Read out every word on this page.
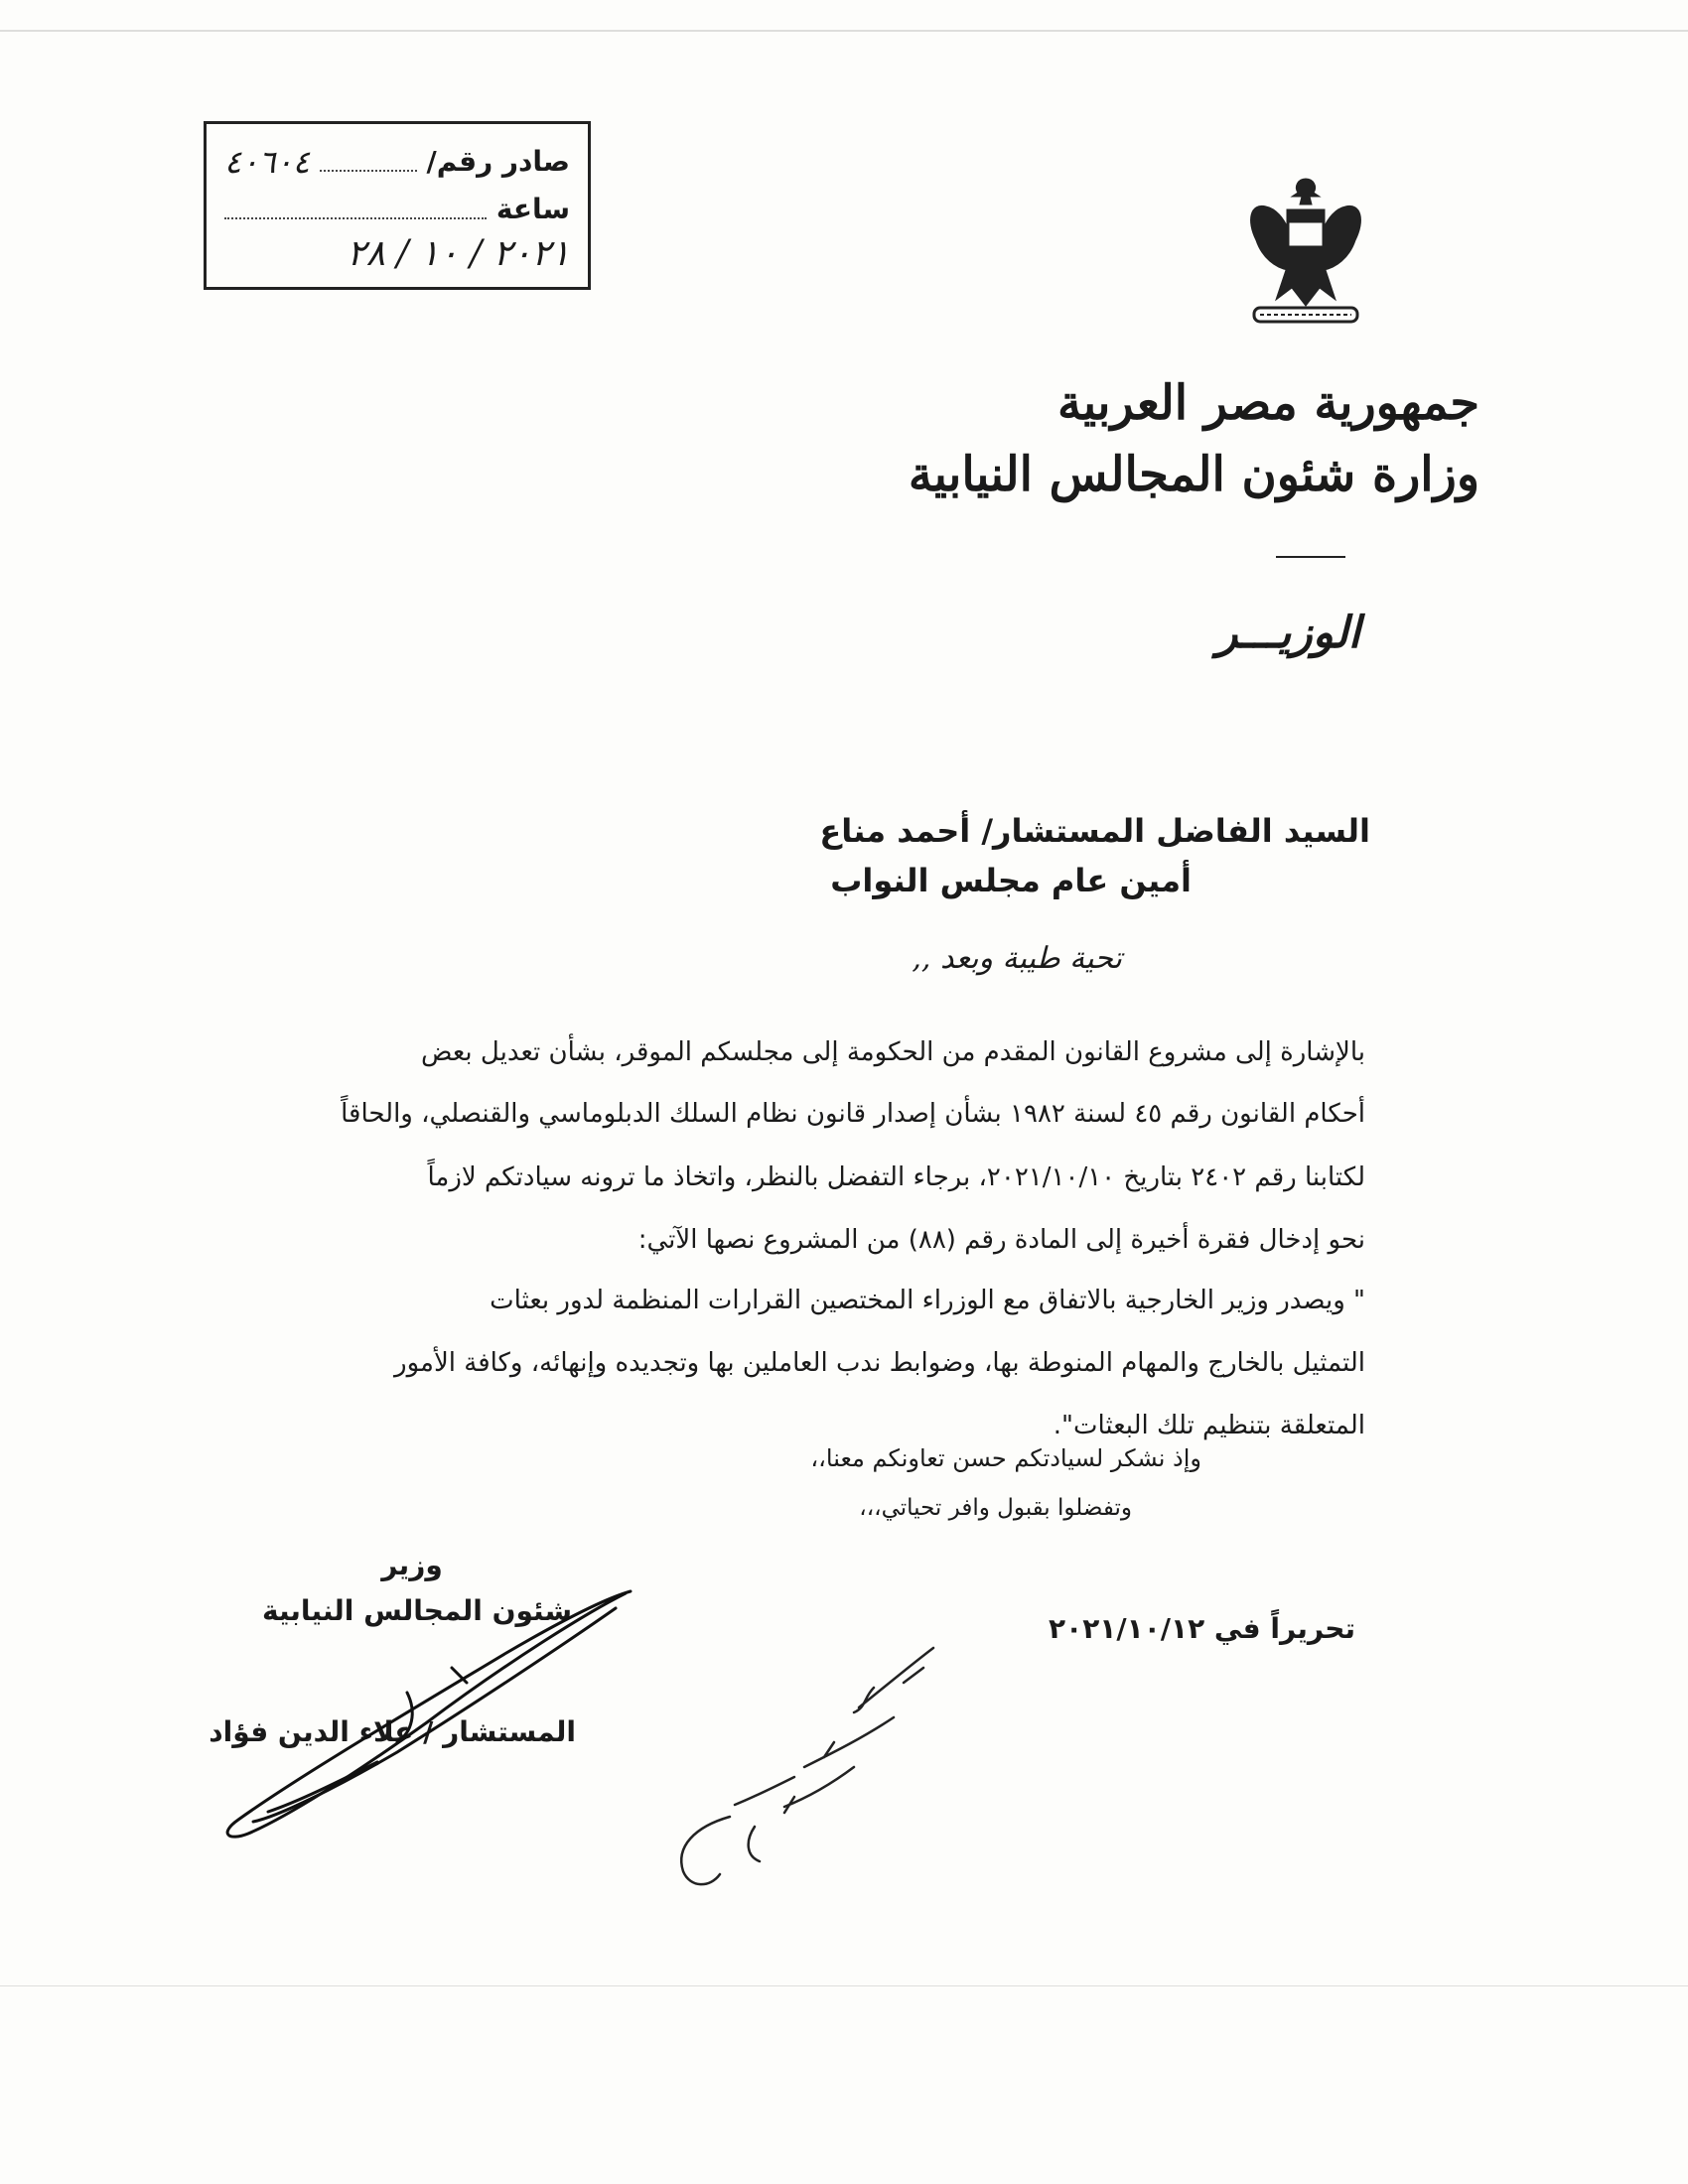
صادر رقم/
٤٠٦٠٤
ساعة
٢٠٢١ / ١٠ / ٢٨
جمهورية مصر العربية
وزارة شئون المجالس النيابية
الوزيـــر
السيد الفاضل المستشار/ أحمد مناع
أمين عام مجلس النواب
تحية طيبة وبعد ,,
بالإشارة إلى مشروع القانون المقدم من الحكومة إلى مجلسكم الموقر، بشأن تعديل بعض
أحكام القانون رقم ٤٥ لسنة ١٩٨٢ بشأن إصدار قانون نظام السلك الدبلوماسي والقنصلي، والحاقاً
لكتابنا رقم ٢٤٠٢ بتاريخ ٢٠٢١/١٠/١٠، برجاء التفضل بالنظر، واتخاذ ما ترونه سيادتكم لازماً
نحو إدخال فقرة أخيرة إلى المادة رقم (٨٨) من المشروع نصها الآتي:
" ويصدر وزير الخارجية بالاتفاق مع الوزراء المختصين القرارات المنظمة لدور بعثات
التمثيل بالخارج والمهام المنوطة بها، وضوابط ندب العاملين بها وتجديده وإنهائه، وكافة الأمور
المتعلقة بتنظيم تلك البعثات".
وإذ نشكر لسيادتكم حسن تعاونكم معنا،،
وتفضلوا بقبول وافر تحياتي،،،
تحريراً في ٢٠٢١/١٠/١٢
وزير
شئون المجالس النيابية
المستشار / علاء الدين فؤاد
